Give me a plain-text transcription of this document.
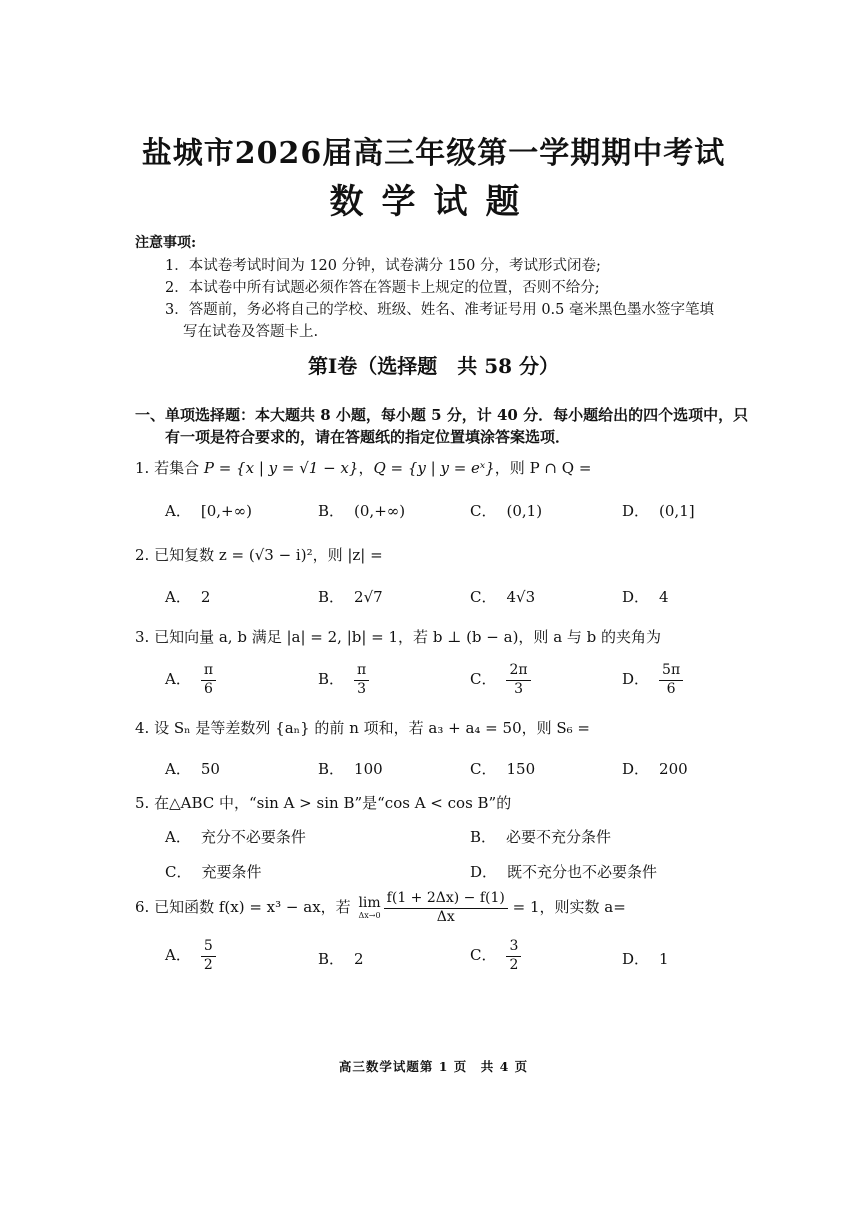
盐城市2026届高三年级第一学期期中考试
数学试题
注意事项:
1．本试卷考试时间为 120 分钟，试卷满分 150 分，考试形式闭卷;
2．本试卷中所有试题必须作答在答题卡上规定的位置，否则不给分;
3．答题前，务必将自己的学校、班级、姓名、准考证号用 0.5 毫米黑色墨水签字笔填
写在试卷及答题卡上.
第Ⅰ卷（选择题　共 58 分）
一、单项选择题：本大题共 8 小题，每小题 5 分，计 40 分．每小题给出的四个选项中，只
有一项是符合要求的，请在答题纸的指定位置填涂答案选项．
1. 若集合 P = {x | y = √1 − x}，Q = {y | y = eˣ}，则 P ∩ Q =
A． [0,+∞)	B． (0,+∞)	C． (0,1)	D． (0,1]
2. 已知复数 z = (√3 − i)²，则 |z| =
A． 2	B． 2√7	C． 4√3	D． 4
3. 已知向量 a, b 满足 |a| = 2, |b| = 1，若 b ⊥ (b − a)，则 a 与 b 的夹角为
A． $\frac{\pi}{6}$	B． $\frac{\pi}{3}$	C． $\frac{2\pi}{3}$	D． $\frac{5\pi}{6}$
4. 设 Sₙ 是等差数列 {aₙ} 的前 n 项和，若 a₃ + a₄ = 50，则 S₆ =
A． 50	B． 100	C． 150	D． 200
5. 在△ABC 中，“sin A > sin B”是“cos A < cos B”的
A． 充分不必要条件	B． 必要不充分条件
C． 充要条件	D． 既不充分也不必要条件
6. 已知函数 f(x) = x³ − ax，若 lim
$\Delta x\to 0 \frac{f(1 + 2\Delta x) - f(1)}{\Delta x} = 1$，则实数 a=
A． $\frac{5}{2}$	B． 2	C． $\frac{3}{2}$	D． 1
高三数学试题第 1 页　共 4 页
